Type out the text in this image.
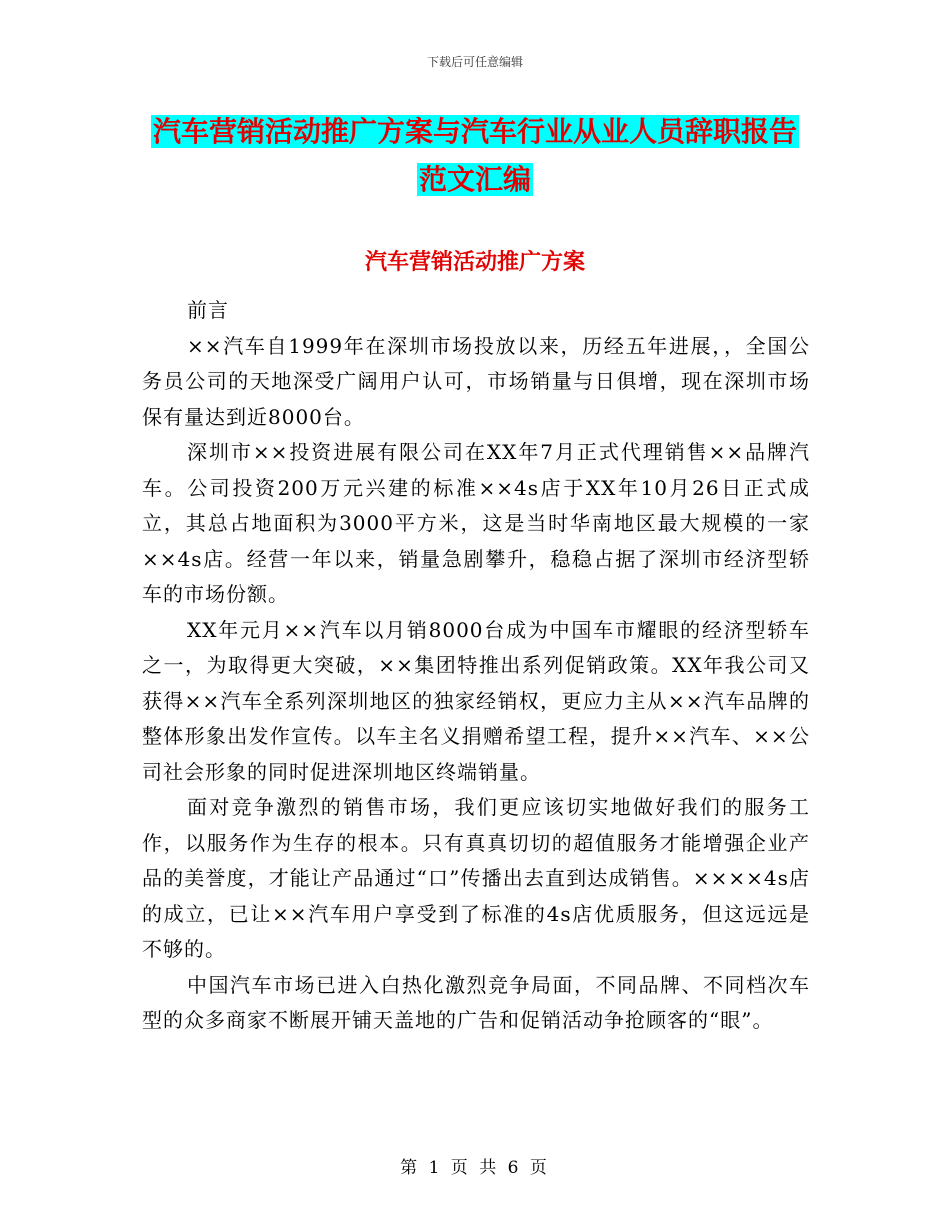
下载后可任意编辑
汽车营销活动推广方案与汽车行业从业人员辞职报告
范文汇编
汽车营销活动推广方案

前言

××汽车自1999年在深圳市场投放以来，历经五年进展，，全国公务员公司的天地深受广阔用户认可，市场销量与日俱增，现在深圳市场保有量达到近8000台。

深圳市××投资进展有限公司在XX年7月正式代理销售××品牌汽车。公司投资200万元兴建的标准××4s店于XX年10月26日正式成立，其总占地面积为3000平方米，这是当时华南地区最大规模的一家××4s店。经营一年以来，销量急剧攀升，稳稳占据了深圳市经济型轿车的市场份额。

XX年元月××汽车以月销8000台成为中国车市耀眼的经济型轿车之一，为取得更大突破，××集团特推出系列促销政策。XX年我公司又获得××汽车全系列深圳地区的独家经销权，更应力主从××汽车品牌的整体形象出发作宣传。以车主名义捐赠希望工程，提升××汽车、××公司社会形象的同时促进深圳地区终端销量。

面对竞争激烈的销售市场，我们更应该切实地做好我们的服务工作，以服务作为生存的根本。只有真真切切的超值服务才能增强企业产品的美誉度，才能让产品通过“口”传播出去直到达成销售。××××4s店的成立，已让××汽车用户享受到了标准的4s店优质服务，但这远远是不够的。

中国汽车市场已进入白热化激烈竞争局面，不同品牌、不同档次车型的众多商家不断展开铺天盖地的广告和促销活动争抢顾客的“眼”。

第 1 页 共 6 页
